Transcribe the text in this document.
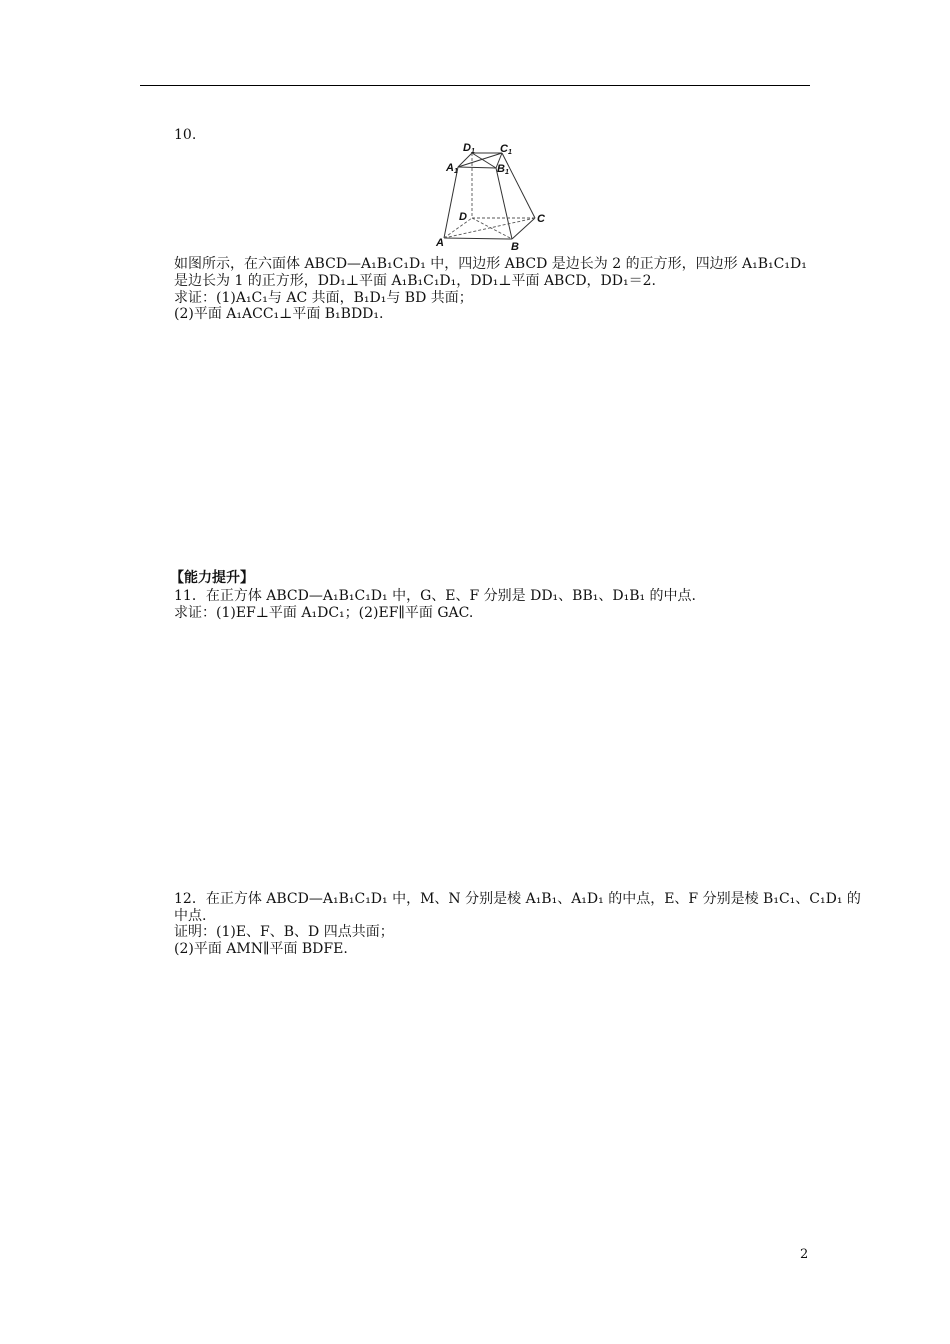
10.
D1 C1
A1	B1
D	C
A	B
如图所示，在六面体 ABCD—A₁B₁C₁D₁ 中，四边形 ABCD 是边长为 2 的正方形，四边形 A₁B₁C₁D₁
是边长为 1 的正方形，DD₁⊥平面 A₁B₁C₁D₁，DD₁⊥平面 ABCD，DD₁＝2.
求证：(1)A₁C₁与 AC 共面，B₁D₁与 BD 共面；
(2)平面 A₁ACC₁⊥平面 B₁BDD₁.
【能力提升】
11．在正方体 ABCD—A₁B₁C₁D₁ 中，G、E、F 分别是 DD₁、BB₁、D₁B₁ 的中点.
求证：(1)EF⊥平面 A₁DC₁；(2)EF∥平面 GAC.
12．在正方体 ABCD—A₁B₁C₁D₁ 中，M、N 分别是棱 A₁B₁、A₁D₁ 的中点，E、F 分别是棱 B₁C₁、C₁D₁ 的
中点.
证明：(1)E、F、B、D 四点共面；
(2)平面 AMN∥平面 BDFE.
2
